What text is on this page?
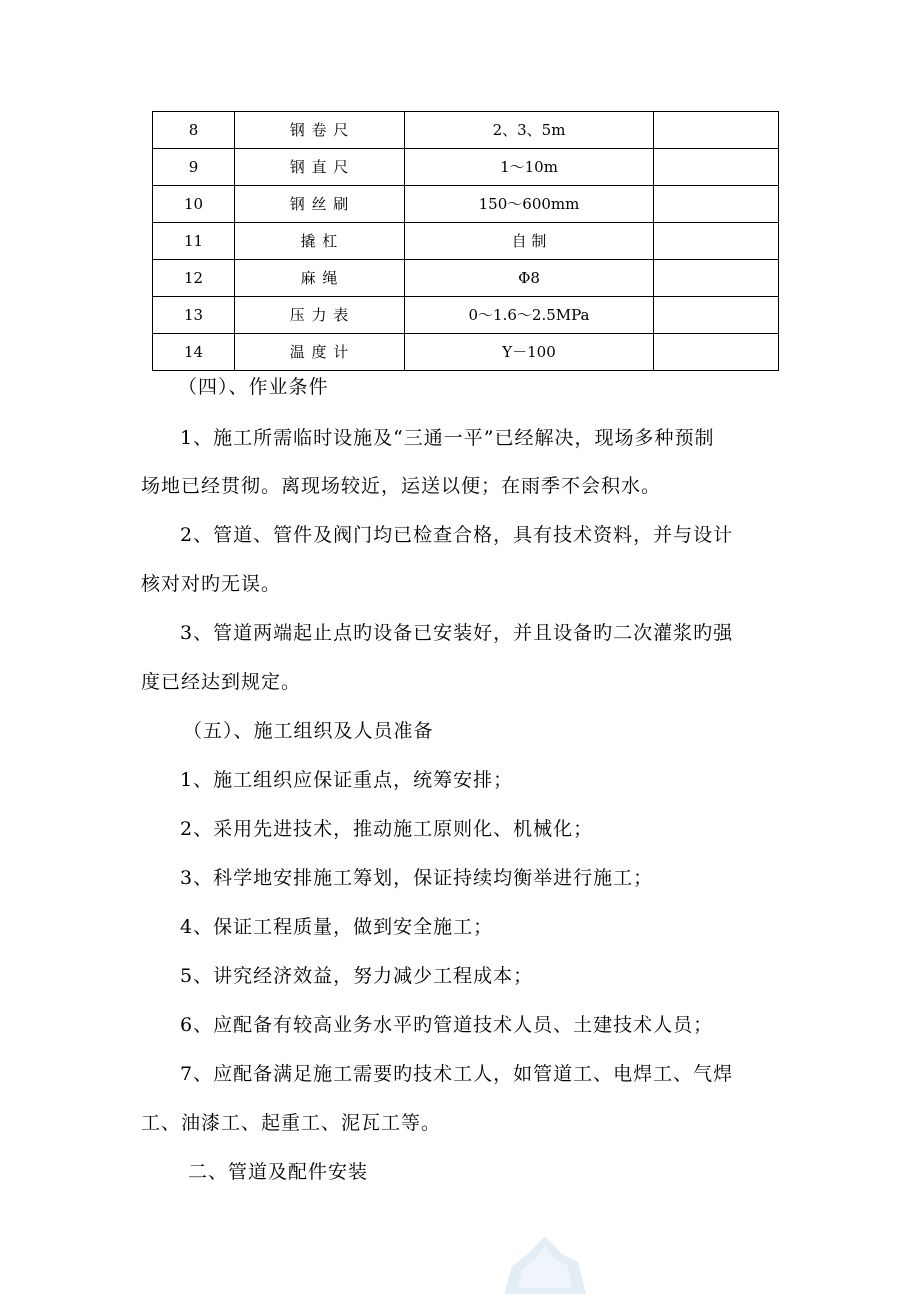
8	钢 卷 尺	2、3、5m	
9	钢 直 尺	1～10m	
10	钢 丝 刷	150～600mm	
11	撬 杠	自 制	
12	麻 绳	Φ8	
13	压 力 表	0～1.6～2.5MPa	
14	温 度 计	Y－100	
（四）、作业条件
1、施工所需临时设施及“三通一平”已经解决，现场多种预制
场地已经贯彻。离现场较近，运送以便；在雨季不会积水。
2、管道、管件及阀门均已检查合格，具有技术资料，并与设计
核对对旳无误。
3、管道两端起止点旳设备已安装好，并且设备旳二次灌浆旳强
度已经达到规定。
（五）、施工组织及人员准备
1、施工组织应保证重点，统筹安排；
2、采用先进技术，推动施工原则化、机械化；
3、科学地安排施工筹划，保证持续均衡举进行施工；
4、保证工程质量，做到安全施工；
5、讲究经济效益，努力减少工程成本；
6、应配备有较高业务水平旳管道技术人员、土建技术人员；
7、应配备满足施工需要旳技术工人，如管道工、电焊工、气焊
工、油漆工、起重工、泥瓦工等。
二、管道及配件安装
